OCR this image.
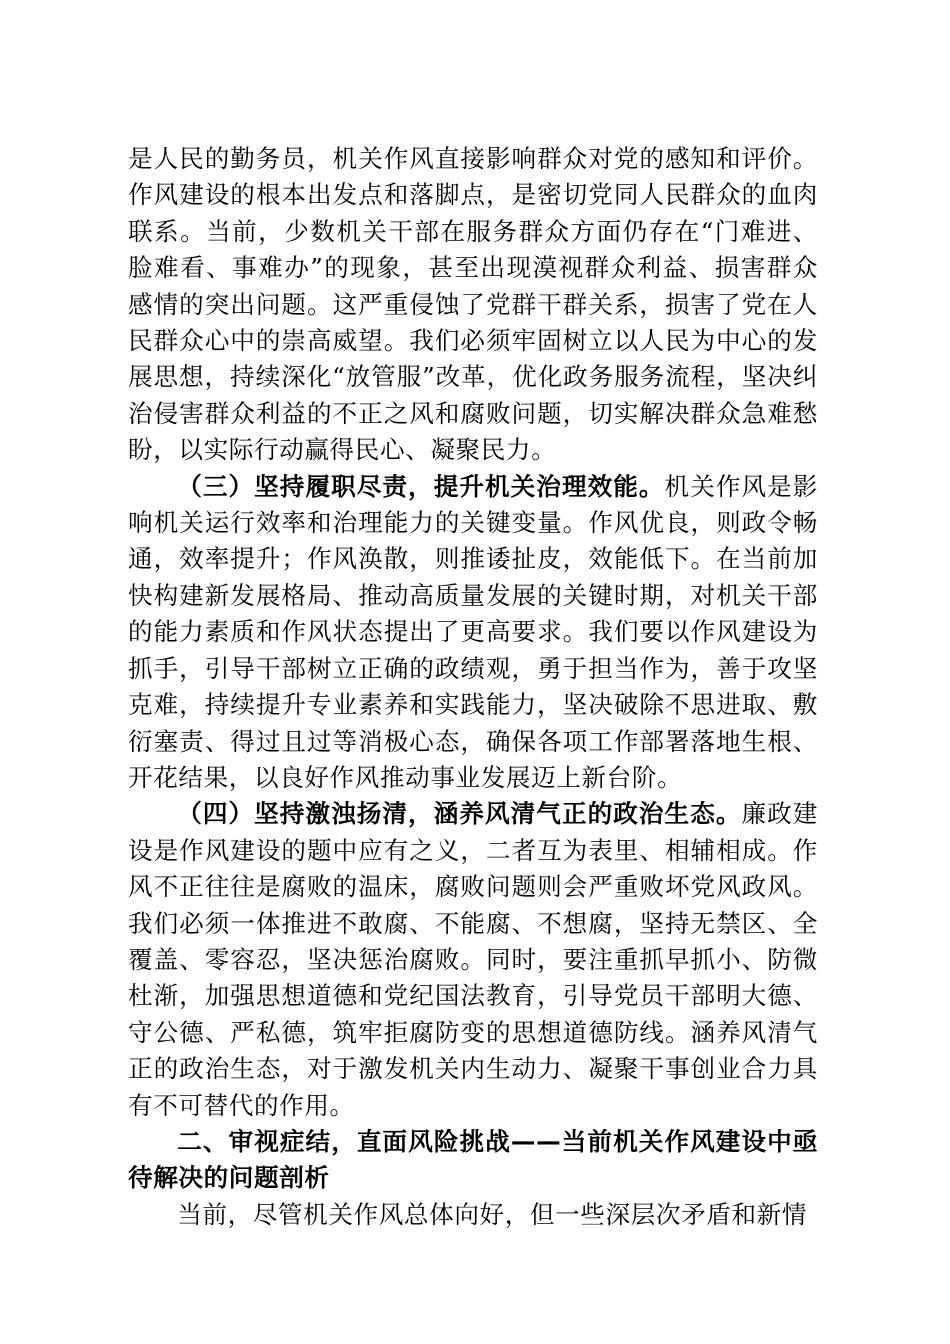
是人民的勤务员，机关作风直接影响群众对党的感知和评价。作风建设的根本出发点和落脚点，是密切党同人民群众的血肉联系。当前，少数机关干部在服务群众方面仍存在“门难进、脸难看、事难办”的现象，甚至出现漠视群众利益、损害群众感情的突出问题。这严重侵蚀了党群干群关系，损害了党在人民群众心中的崇高威望。我们必须牢固树立以人民为中心的发展思想，持续深化“放管服”改革，优化政务服务流程，坚决纠治侵害群众利益的不正之风和腐败问题，切实解决群众急难愁盼，以实际行动赢得民心、凝聚民力。

（三）坚持履职尽责，提升机关治理效能。机关作风是影响机关运行效率和治理能力的关键变量。作风优良，则政令畅通，效率提升；作风涣散，则推诿扯皮，效能低下。在当前加快构建新发展格局、推动高质量发展的关键时期，对机关干部的能力素质和作风状态提出了更高要求。我们要以作风建设为抓手，引导干部树立正确的政绩观，勇于担当作为，善于攻坚克难，持续提升专业素养和实践能力，坚决破除不思进取、敷衍塞责、得过且过等消极心态，确保各项工作部署落地生根、开花结果，以良好作风推动事业发展迈上新台阶。

（四）坚持激浊扬清，涵养风清气正的政治生态。廉政建设是作风建设的题中应有之义，二者互为表里、相辅相成。作风不正往往是腐败的温床，腐败问题则会严重败坏党风政风。我们必须一体推进不敢腐、不能腐、不想腐，坚持无禁区、全覆盖、零容忍，坚决惩治腐败。同时，要注重抓早抓小、防微杜渐，加强思想道德和党纪国法教育，引导党员干部明大德、守公德、严私德，筑牢拒腐防变的思想道德防线。涵养风清气正的政治生态，对于激发机关内生动力、凝聚干事创业合力具有不可替代的作用。

二、审视症结，直面风险挑战——当前机关作风建设中亟待解决的问题剖析

当前，尽管机关作风总体向好，但一些深层次矛盾和新情
